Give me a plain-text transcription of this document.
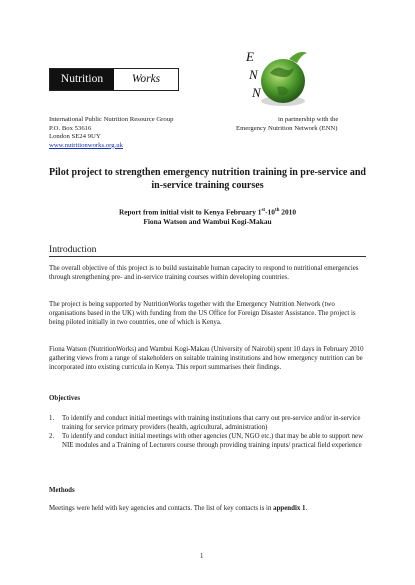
Nutrition	Works
E
N
N
International Public Nutrition Resource Group
P.O. Box 53616
London SE24 9UY
www.nutritionworks.org.uk
in partnership with the
Emergency Nutrition Network (ENN)
Pilot project to strengthen emergency nutrition training in pre-service and in-service training courses
Report from initial visit to Kenya February 1st-10th 2010
Fiona Watson and Wambui Kogi-Makau
Introduction
The overall objective of this project is to build sustainable human capacity to respond to nutritional emergencies through strengthening pre- and in-service training courses within developing countries.
The project is being supported by NutritionWorks together with the Emergency Nutrition Network (two organisations based in the UK) with funding from the US Office for Foreign Disaster Assistance. The project is being piloted initially in two countries, one of which is Kenya.
Fiona Watson (NutritionWorks) and Wambui Kogi-Makau (University of Nairobi) spent 10 days in February 2010 gathering views from a range of stakeholders on suitable training institutions and how emergency nutrition can be incorporated into existing curricula in Kenya. This report summarises their findings.
Objectives
1. To identify and conduct initial meetings with training institutions that carry out pre-service and/or in-service training for service primary providers (health, agricultural, administration)
2. To identify and conduct initial meetings with other agencies (UN, NGO etc.) that may be able to support new NIE modules and a Training of Lecturers course through providing training inputs/ practical field experience
Methods
Meetings were held with key agencies and contacts. The list of key contacts is in appendix 1.
1
